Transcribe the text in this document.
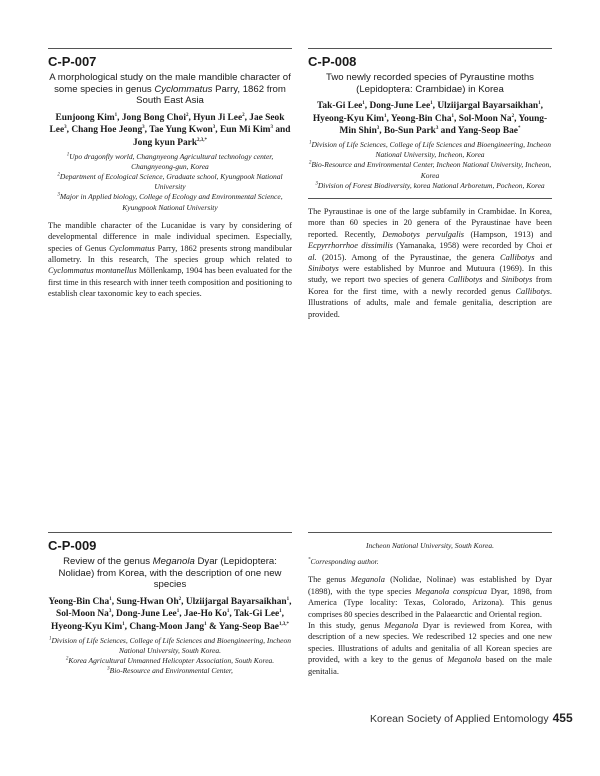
C-P-007
A morphological study on the male mandible character of some species in genus Cyclommatus Parry, 1862 from South East Asia
Eunjoong Kim$^1$, Jong Bong Choi$^2$, Hyun Ji Lee$^2$, Jae Seok Lee$^3$, Chang Hoe Jeong$^3$, Tae Yung Kwon$^3$, Eun Mi Kim$^3$ and Jong kyun Park$^{2,3,*}$
$^1$Upo dragonfly world, Changnyeong Agricultural technology center, Changnyeong-gun, Korea
$^2$Department of Ecological Science, Graduate school, Kyungpook National University
$^3$Major in Applied biology, College of Ecology and Environmental Science, Kyungpook National University

The mandible character of the Lucanidae is vary by considering of developmental difference in male individual specimen. Especially, species of Genus Cyclommatus Parry, 1862 presents strong mandibular allometry. In this research, The species group which related to Cyclommatus montanellus Möllenkamp, 1904 has been evaluated for the first time in this research with inner teeth composition and positioning to establish clear taxonomic key to each species.

C-P-008
Two newly recorded species of Pyraustine moths (Lepidoptera: Crambidae) in Korea
Tak-Gi Lee$^1$, Dong-June Lee$^1$, Ulziijargal Bayarsaikhan$^1$, Hyeong-Kyu Kim$^1$, Yeong-Bin Cha$^1$, Sol-Moon Na$^2$, Young-Min Shin$^3$, Bo-Sun Park$^3$ and Yang-Seop Bae*
$^1$Division of Life Sciences, College of Life Sciences and Bioengineering, Incheon National University, Incheon, Korea
$^2$Bio-Resource and Environmental Center, Incheon National University, Incheon, Korea
$^3$Division of Forest Biodiversity, korea National Arboretum, Pocheon, Korea

The Pyraustinae is one of the large subfamily in Crambidae. In Korea, more than 60 species in 20 genera of the Pyraustinae have been reported. Recently, Demobotys pervulgalis (Hampson, 1913) and Ecpyrrhorrhoe dissimilis (Yamanaka, 1958) were recorded by Choi et al. (2015). Among of the Pyraustinae, the genera Callibotys and Sinibotys were established by Munroe and Mutuura (1969). In this study, we report two species of genera Callibotys and Sinibotys from Korea for the first time, with a newly recorded genus Callibotys. Illustrations of adults, male and female genitalia, description are provided.

C-P-009
Review of the genus Meganola Dyar (Lepidoptera: Nolidae) from Korea, with the description of one new species
Yeong-Bin Cha$^1$, Sung-Hwan Oh$^2$, Ulziijargal Bayarsaikhan$^1$, Sol-Moon Na$^3$, Dong-June Lee$^1$, Jae-Ho Ko$^1$, Tak-Gi Lee$^1$, Hyeong-Kyu Kim$^1$, Chang-Moon Jang$^1$ & Yang-Seop Bae$^{1,3,*}$
$^1$Division of Life Sciences, College of Life Sciences and Bioengineering, Incheon National University, South Korea.
$^2$Korea Agricultural Unmanned Helicopter Association, South Korea.
$^3$Bio-Resource and Environmental Center,
Incheon National University, South Korea.
*Corresponding author.

The genus Meganola (Nolidae, Nolinae) was established by Dyar (1898), with the type species Meganola conspicua Dyar, 1898, from America (Type locality: Texas, Colorado, Arizona). This genus comprises 80 species described in the Palaearctic and Oriental region.

In this study, genus Meganola Dyar is reviewed from Korea, with description of a new species. We redescribed 12 species and one new species. Illustrations of adults and genitalia of all Korean species are provided, with a key to the genus of Meganola based on the male genitalia.

Korean Society of Applied Entomology 455
